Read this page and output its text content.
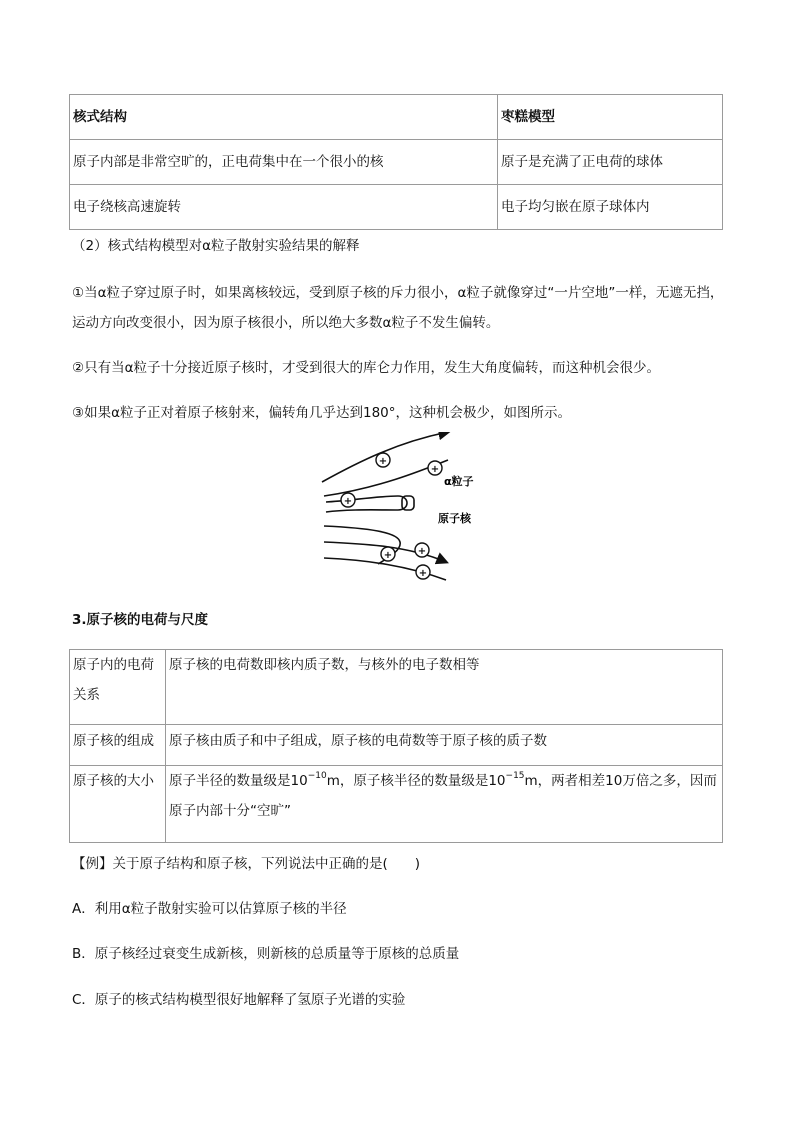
核式结构	枣糕模型
原子内部是非常空旷的，正电荷集中在一个很小的核	原子是充满了正电荷的球体
电子绕核高速旋转	电子均匀嵌在原子球体内
（2）核式结构模型对α粒子散射实验结果的解释
①当α粒子穿过原子时，如果离核较远，受到原子核的斥力很小，α粒子就像穿过“一片空地”一样，无遮无挡，运动方向改变很小，因为原子核很小，所以绝大多数α粒子不发生偏转。
②只有当α粒子十分接近原子核时，才受到很大的库仑力作用，发生大角度偏转，而这种机会很少。
③如果α粒子正对着原子核射来，偏转角几乎达到180°，这种机会极少，如图所示。
+
+
+
+	+
+
α粒子
原子核
3.原子核的电荷与尺度
原子内的电荷关系	原子核的电荷数即核内质子数，与核外的电子数相等
原子核的组成	原子核由质子和中子组成，原子核的电荷数等于原子核的质子数
原子核的大小	原子半径的数量级是$10^{-10}m$，原子核半径的数量级是$10^{-15}m$，两者相差10万倍之多，因而原子内部十分“空旷”
【例】关于原子结构和原子核，下列说法中正确的是(　　)
A．利用α粒子散射实验可以估算原子核的半径
B．原子核经过衰变生成新核，则新核的总质量等于原核的总质量
C．原子的核式结构模型很好地解释了氢原子光谱的实验
